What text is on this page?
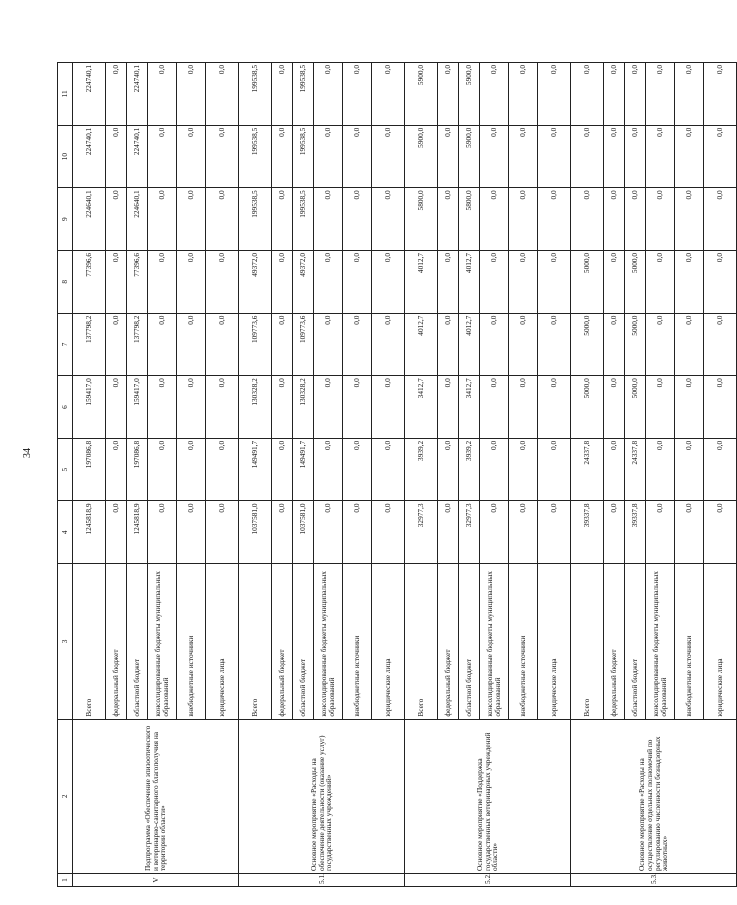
34
1	2	3	4	5	6	7	8	9	10	11
V	Подпрограмма «Обеспечение эпизоотического и ветеринарно-санитарного благополучия на территории области»	Всего	1245818,9	197086,8	159417,0	137798,2	77396,6	224640,1	224740,1	224740,1
		федеральный бюджет	0,0	0,0	0,0	0,0	0,0	0,0	0,0	0,0
		областной бюджет	1245818,9	197086,8	159417,0	137798,2	77396,6	224640,1	224740,1	224740,1
		консолидированные бюджеты муниципальных образований	0,0	0,0	0,0	0,0	0,0	0,0	0,0	0,0
		внебюджетные источники	0,0	0,0	0,0	0,0	0,0	0,0	0,0	0,0
		юридические лица	0,0	0,0	0,0	0,0	0,0	0,0	0,0	0,0
5.1.	Основное мероприятие «Расходы на обеспечение деятельности (оказание услуг) государственных учреждений»	Всего	1037581,0	149491,7	130328,2	109773,6	49372,0	199538,5	199538,5	199538,5
		федеральный бюджет	0,0	0,0	0,0	0,0	0,0	0,0	0,0	0,0
		областной бюджет	1037581,0	149491,7	130328,2	109773,6	49372,0	199538,5	199538,5	199538,5
		консолидированные бюджеты муниципальных образований	0,0	0,0	0,0	0,0	0,0	0,0	0,0	0,0
		внебюджетные источники	0,0	0,0	0,0	0,0	0,0	0,0	0,0	0,0
		юридические лица	0,0	0,0	0,0	0,0	0,0	0,0	0,0	0,0
5.2.	Основное мероприятие «Поддержка государственных ветеринарных учреждений области»	Всего	32977,3	3939,2	3412,7	4012,7	4012,7	5800,0	5900,0	5900,0
		федеральный бюджет	0,0	0,0	0,0	0,0	0,0	0,0	0,0	0,0
		областной бюджет	32977,3	3939,2	3412,7	4012,7	4012,7	5800,0	5900,0	5900,0
		консолидированные бюджеты муниципальных образований	0,0	0,0	0,0	0,0	0,0	0,0	0,0	0,0
		внебюджетные источники	0,0	0,0	0,0	0,0	0,0	0,0	0,0	0,0
		юридические лица	0,0	0,0	0,0	0,0	0,0	0,0	0,0	0,0
5.3.	Основное мероприятие «Расходы на осуществление отдельных полномочий по регулированию численности безнадзорных животных»	Всего	39337,8	24337,8	5000,0	5000,0	5000,0	0,0	0,0	0,0
		федеральный бюджет	0,0	0,0	0,0	0,0	0,0	0,0	0,0	0,0
		областной бюджет	39337,8	24337,8	5000,0	5000,0	5000,0	0,0	0,0	0,0
		консолидированные бюджеты муниципальных образований	0,0	0,0	0,0	0,0	0,0	0,0	0,0	0,0
		внебюджетные источники	0,0	0,0	0,0	0,0	0,0	0,0	0,0	0,0
		юридические лица	0,0	0,0	0,0	0,0	0,0	0,0	0,0	0,0
